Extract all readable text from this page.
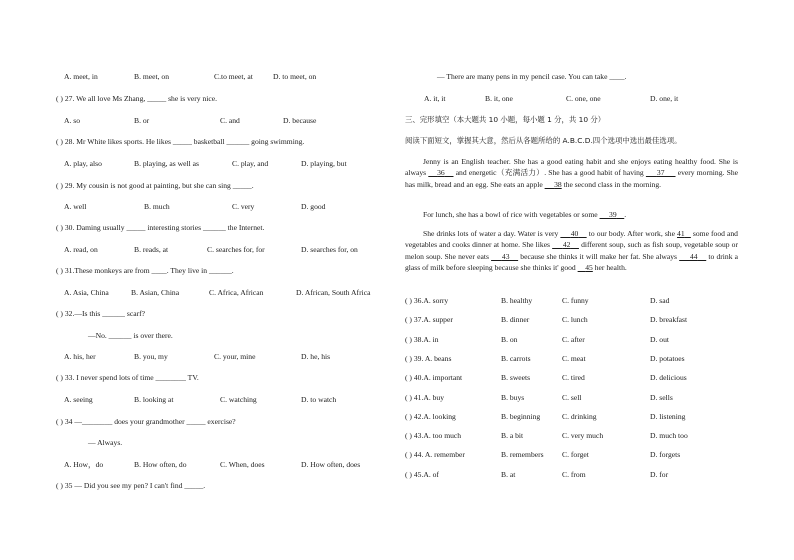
A. meet, in	B. meet, on	C.to meet, at	D. to meet, on
( ) 27. We all love Ms Zhang, _____ she is very nice.
A. so	B. or	C. and	D. because
( ) 28. Mr White likes sports. He likes _____ basketball ______ going swimming.
A. play, also	B. playing, as well as	C. play, and	D. playing, but
( ) 29. My cousin is not good at painting, but she can sing _____.
A. well	B. much	C. very	D. good
( ) 30. Daming usually _____ interesting stories ______ the Internet.
A. read, on	B. reads, at	C. searches for, for	D. searches for, on
( ) 31.These monkeys are from ____. They live in ______.
A. Asia, China	B. Asian, China	C. Africa, African	D. African, South Africa
( ) 32.—Is this ______ scarf?
—No. ______ is over there.
A. his, her	B. you, my	C. your, mine	D. he, his
( ) 33. I never spend lots of time ________ TV.
A. seeing	B. looking at	C. watching	D. to watch
( ) 34 —________ does your grandmother _____ exercise?
— Always.
A. How，do	B. How often, do	C. When, does	D. How often, does
( ) 35 — Did you see my pen? I can't find _____.
— There are many pens in my pencil case. You can take ____.
A. it, it	B. it, one	C. one, one	D. one, it
三、完形填空（本大题共 10 小题，每小题 1 分，共 10 分）
阅读下面短文，掌握其大意，然后从各题所给的 A.B.C.D.四个选项中选出最佳选项。
Jenny is an English teacher. She has a good eating habit and she enjoys eating healthy food. She is always 36 and energetic（充满活力）. She has a good habit of having 37 every morning. She has milk, bread and an egg. She eats an apple 38 the second class in the morning.
For lunch, she has a bowl of rice with vegetables or some 39 .
She drinks lots of water a day. Water is very 40 to our body. After work, she 41 some food and vegetables and cooks dinner at home. She likes 42 different soup, such as fish soup, vegetable soup or melon soup. She never eats 43 because she thinks it will make her fat. She always 44 to drink a glass of milk before sleeping because she thinks it' good 45 her health.
( ) 36.A. sorry	B. healthy	C. funny	D. sad
( ) 37.A. supper	B. dinner	C. lunch	D. breakfast
( ) 38.A. in	B. on	C. after	D. out
( ) 39. A. beans	B. carrots	C. meat	D. potatoes
( ) 40.A. important	B. sweets	C. tired	D. delicious
( ) 41.A. buy	B. buys	C. sell	D. sells
( ) 42.A. looking	B. beginning	C. drinking	D. listening
( ) 43.A. too much	B. a bit	C. very much	D. much too
( ) 44. A. remember	B. remembers C. forget	D. forgets
( ) 45.A. of	B. at	C. from	D. for
